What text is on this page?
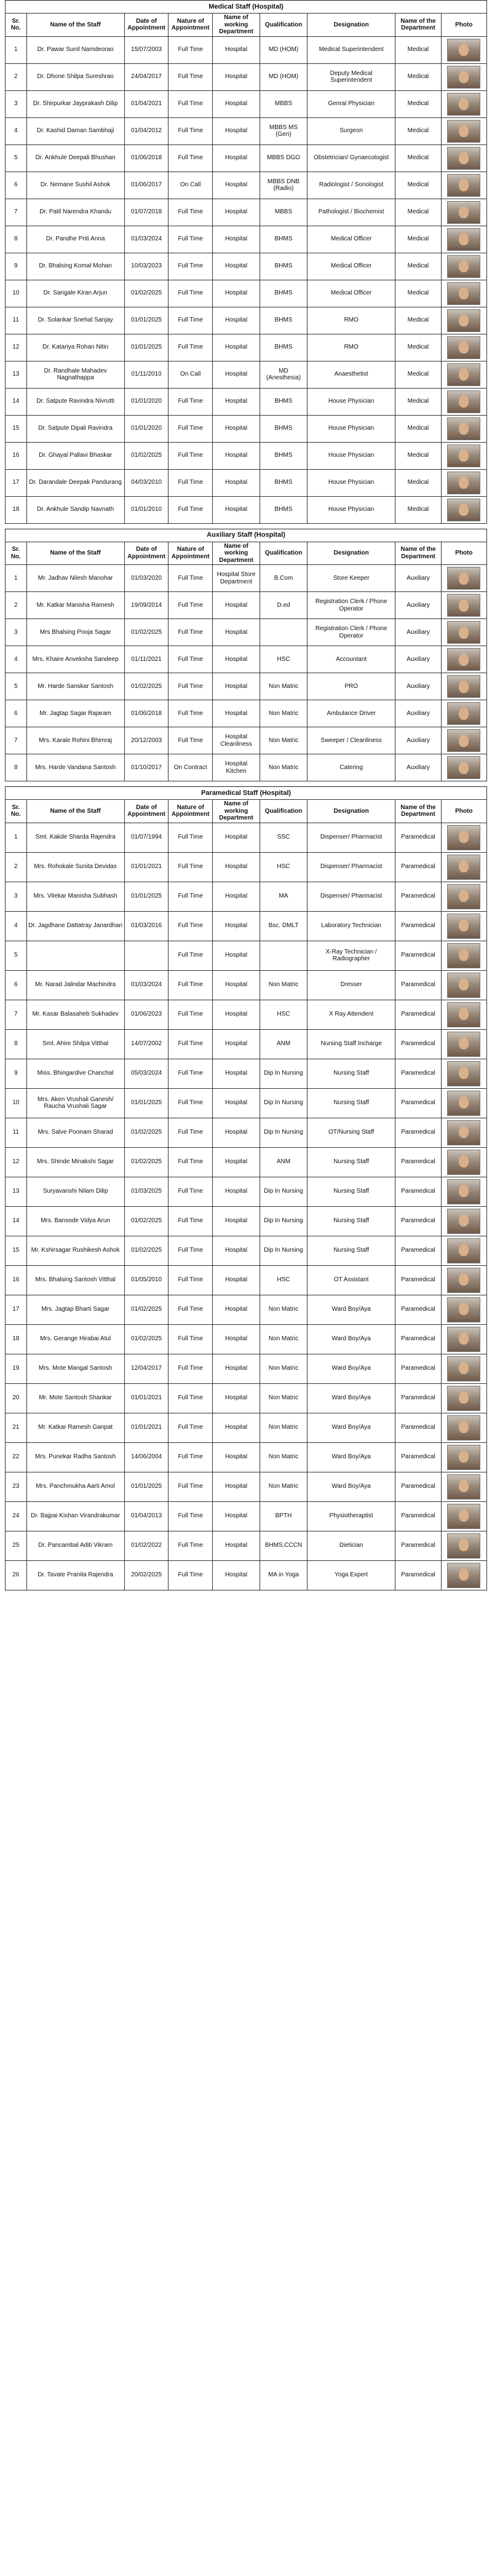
Medical Staff (Hospital)								
Sr. No.	Name of the Staff	Date of Appointment	Nature of Appointment	Name of working Department	Qualification	Designation	Name of the Department	Photo
1	Dr. Pawar Sunil Namdeorao	15/07/2003	Full Time	Hospital	MD (HOM)	Medical Superintendent	Medical	

2	Dr. Dhone Shilpa Sureshrao	24/04/2017	Full Time	Hospital	MD (HOM)	Deputy Medical Superintendent	Medical	

3	Dr. Shirpurkar Jayprakash Dilip	01/04/2021	Full Time	Hospital	MBBS	Genral Physician	Medical	

4	Dr. Kashid Daman Sambhaji	01/04/2012	Full Time	Hospital	MBBS MS (Gen)	Surgeon	Medical	

5	Dr. Ankhule Deepali Bhushan	01/06/2018	Full Time	Hospital	MBBS DGO	Obstetrician/ Gynaecologist	Medical	

6	Dr. Nemane Sushil Ashok	01/06/2017	On Call	Hospital	MBBS DNB (Radio)	Radiologist / Sonologist	Medical	

7	Dr. Patil Narendra Khandu	01/07/2018	Full Time	Hospital	MBBS	Pathologist / Biochemist	Medical	

8	Dr. Pandhe Priti Anna	01/03/2024	Full Time	Hospital	BHMS	Medical Officer	Medical	

9	Dr. Bhalsing Komal Mohan	10/03/2023	Full Time	Hospital	BHMS	Medical Officer	Medical	

10	Dr. Sangale Kiran Arjun	01/02/2025	Full Time	Hospital	BHMS	Medical Officer	Medical	

11	Dr. Solankar Snehal Sanjay	01/01/2025	Full Time	Hospital	BHMS	RMO	Medical	

12	Dr. Katariya Rohan Nitin	01/01/2025	Full Time	Hospital	BHMS	RMO	Medical	

13	Dr. Randhale Mahadev Nagnathappa	01/11/2010	On Call	Hospital	MD (Anesthesia)	Anaesthetist	Medical	

14	Dr. Satpute Ravindra Nivrutti	01/01/2020	Full Time	Hospital	BHMS	House Physician	Medical	

15	Dr. Satpute Dipali Ravindra	01/01/2020	Full Time	Hospital	BHMS	House Physician	Medical	

16	Dr. Ghayal Pallavi Bhaskar	01/02/2025	Full Time	Hospital	BHMS	House Physician	Medical	

17	Dr. Darandale Deepak Pandurang	04/03/2010	Full Time	Hospital	BHMS	House Physician	Medical	

18	Dr. Ankhule Sandip Navnath	01/01/2010	Full Time	Hospital	BHMS	House Physician	Medical	
Auxiliary Staff (Hospital)								
Sr. No.	Name of the Staff	Date of Appointment	Nature of Appointment	Name of working Department	Qualification	Designation	Name of the Department	Photo
1	Mr. Jadhav Nilesh Manohar	01/03/2020	Full Time	Hospital Store Department	B.Com	Store Keeper	Auxiliary	

2	Mr. Katkar Manisha Ramesh	19/09/2014	Full Time	Hospital	D.ed	Registration Clerk / Phone Operator	Auxiliary	

3	Mrs Bhalsing Pooja Sagar	01/02/2025	Full Time	Hospital		Registration Clerk / Phone Operator	Auxiliary	

4	Mrs. Khaire Anveksha Sandeep	01/11/2021	Full Time	Hospital	HSC	Accountant	Auxiliary	

5	Mr. Harde Sanskar Santosh	01/02/2025	Full Time	Hospital	Non Matric	PRO	Auxiliary	

6	Mr. Jagtap Sagar Rajaram	01/06/2018	Full Time	Hospital	Non Matric	Ambulance Driver	Auxiliary	

7	Mrs. Karale Rohini Bhimraj	20/12/2003	Full Time	Hospital Cleanliness	Non Matric	Sweeper / Cleanliness	Auxiliary	

8	Mrs. Harde Vandana Santosh	01/10/2017	On Contract	Hospital Kitchen	Non Matric	Catering	Auxiliary	
Paramedical Staff (Hospital)								
Sr. No.	Name of the Staff	Date of Appointment	Nature of Appointment	Name of working Department	Qualification	Designation	Name of the Department	Photo
1	Smt. Kakde Sharda Rajendra	01/07/1994	Full Time	Hospital	SSC	Dispenser/ Pharmacist	Paramedical	

2	Mrs. Rohokale Sunita Devidas	01/01/2021	Full Time	Hospital	HSC	Dispenser/ Pharmacist	Paramedical	

3	Mrs. Vitekar Manisha Subhash	01/01/2025	Full Time	Hospital	MA	Dispenser/ Pharmacist	Paramedical	

4	Dr. Jagdhane Dattatray Janardhan	01/03/2016	Full Time	Hospital	Bsc. DMLT	Laboratory Technician	Paramedical	

5			Full Time	Hospital		X-Ray Technician / Radiographer	Paramedical	

6	Mr. Narad Jalindar Machindra	01/03/2024	Full Time	Hospital	Non Matric	Dresser	Paramedical	

7	Mr. Kasar Balasaheb Sukhadev	01/06/2023	Full Time	Hospital	HSC	X Ray Attendent	Paramedical	

8	Smt. Ahire Shilpa Vitthal	14/07/2002	Full Time	Hospital	ANM	Nursing Staff Incharge	Paramedical	

9	Miss. Bhingardive Chanchal	05/03/2024	Full Time	Hospital	Dip In Nursing	Nursing Staff	Paramedical	

10	Mrs. Aken Vrushali Ganesh/ Raucha Vrushali Sagar	01/01/2025	Full Time	Hospital	Dip In Nursing	Nursing Staff	Paramedical	

11	Mrs. Salve Poonam Sharad	01/02/2025	Full Time	Hospital	Dip In Nursing	OT/Nursing Staff	Paramedical	

12	Mrs. Shinde Minakshi Sagar	01/02/2025	Full Time	Hospital	ANM	Nursing Staff	Paramedical	

13	Suryavanshi Nilam Dilip	01/03/2025	Full Time	Hospital	Dip In Nursing	Nursing Staff	Paramedical	

14	Mrs. Bansode Vidya Arun	01/02/2025	Full Time	Hospital	Dip In Nursing	Nursing Staff	Paramedical	

15	Mr. Kshirsagar Rushikesh Ashok	01/02/2025	Full Time	Hospital	Dip In Nursing	Nursing Staff	Paramedical	

16	Mrs. Bhalsing Santosh Vitthal	01/05/2010	Full Time	Hospital	HSC	OT Assistant	Paramedical	

17	Mrs. Jagtap Bharti Sagar	01/02/2025	Full Time	Hospital	Non Matric	Ward Boy/Aya	Paramedical	

18	Mrs. Gerange Hirabai Atul	01/02/2025	Full Time	Hospital	Non Matric	Ward Boy/Aya	Paramedical	

19	Mrs. Mote Mangal Santosh	12/04/2017	Full Time	Hospital	Non Matric	Ward Boy/Aya	Paramedical	

20	Mr. Mote Santosh Shankar	01/01/2021	Full Time	Hospital	Non Matric	Ward Boy/Aya	Paramedical	

21	Mr. Katkar Ramesh Ganpat	01/01/2021	Full Time	Hospital	Non Matric	Ward Boy/Aya	Paramedical	

22	Mrs. Punekar Radha Santosh	14/06/2004	Full Time	Hospital	Non Matric	Ward Boy/Aya	Paramedical	

23	Mrs. Panchmukha Aarti Amol	01/01/2025	Full Time	Hospital	Non Matric	Ward Boy/Aya	Paramedical	

24	Dr. Bajpai Kishan Virandrakumar	01/04/2013	Full Time	Hospital	BPTH	Physiotheraptist	Paramedical	

25	Dr. Pancambal Aditi Vikram	01/02/2022	Full Time	Hospital	BHMS,CCCN	Dietician	Paramedical	

26	Dr. Tavate Pranita Rajendra	20/02/2025	Full Time	Hospital	MA in Yoga	Yoga Expert	Paramedical	
